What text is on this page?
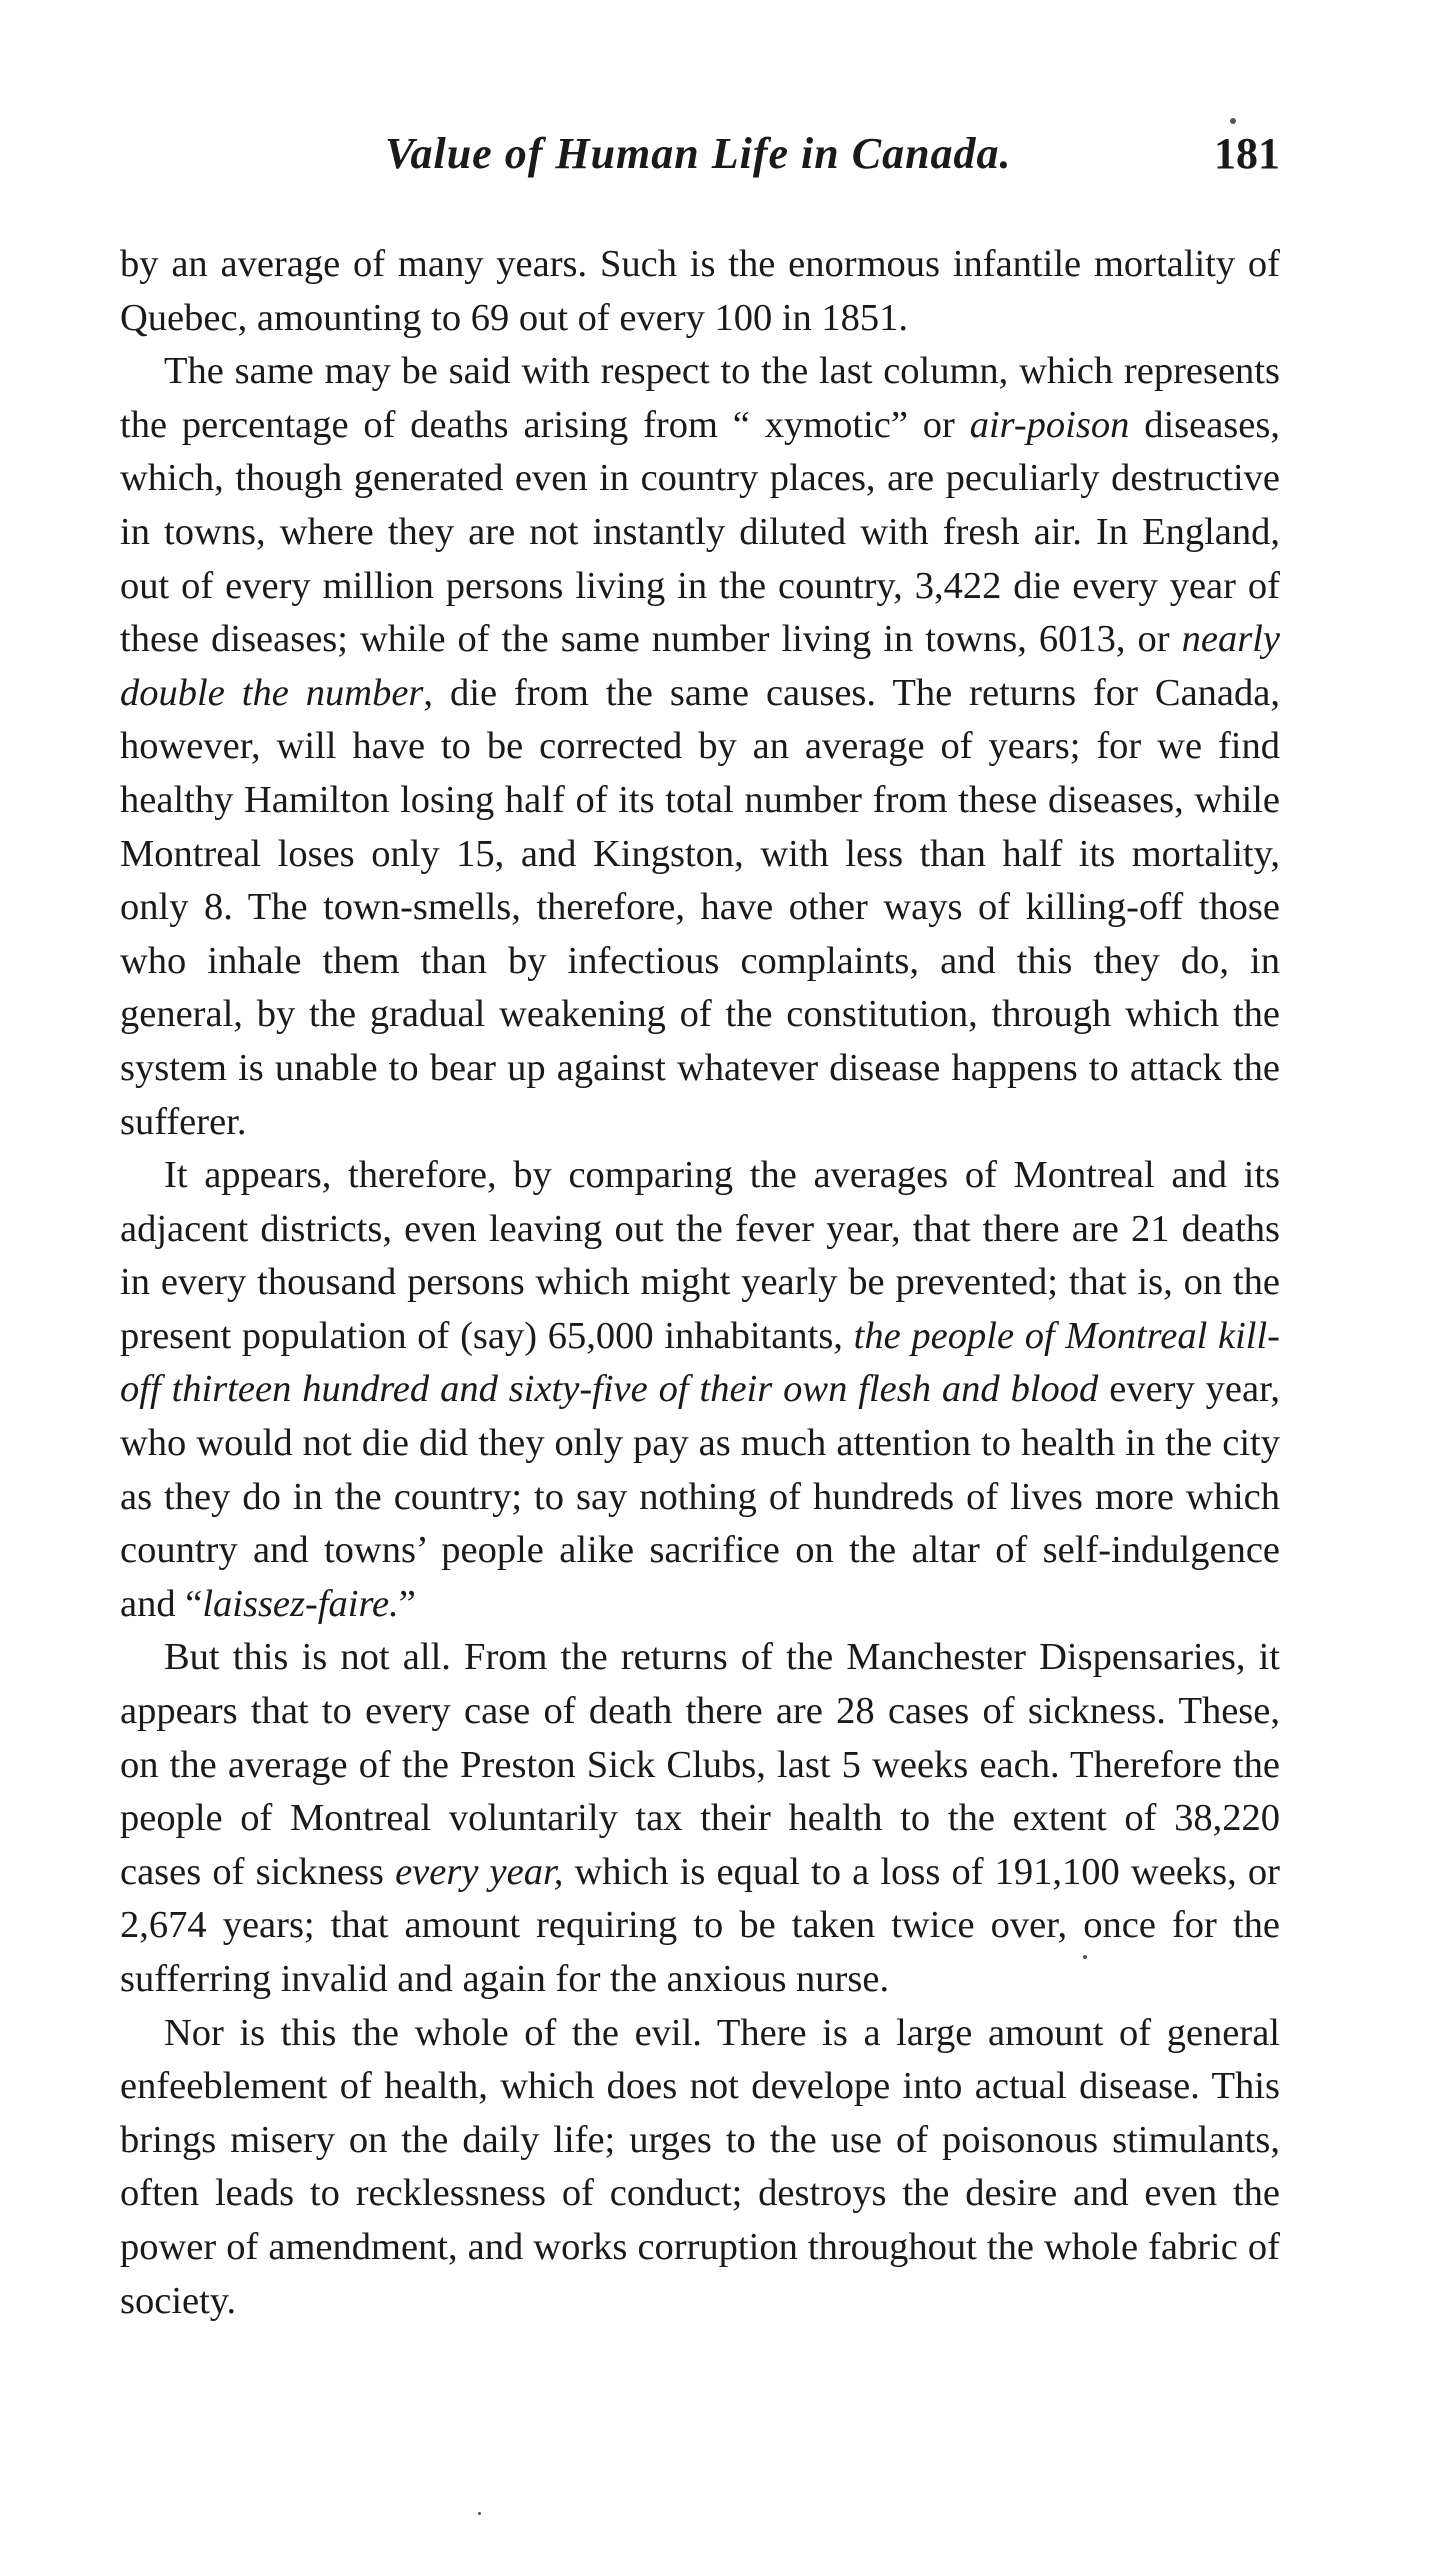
Value of Human Life in Canada.	181

by an average of many years. Such is the enormous infantile mortality of Quebec, amounting to 69 out of every 100 in 1851.

The same may be said with respect to the last column, which represents the percentage of deaths arising from “ xymotic” or air-poison diseases, which, though generated even in country places, are peculiarly destructive in towns, where they are not instantly diluted with fresh air. In England, out of every million persons living in the country, 3,422 die every year of these diseases; while of the same number living in towns, 6013, or nearly double the number, die from the same causes. The returns for Canada, however, will have to be corrected by an average of years; for we find healthy Hamilton losing half of its total number from these diseases, while Montreal loses only 15, and Kingston, with less than half its mortality, only 8. The town-smells, therefore, have other ways of killing-off those who inhale them than by infectious complaints, and this they do, in general, by the gradual weakening of the constitution, through which the system is unable to bear up against whatever disease happens to attack the sufferer.

It appears, therefore, by comparing the averages of Montreal and its adjacent districts, even leaving out the fever year, that there are 21 deaths in every thousand persons which might yearly be prevented; that is, on the present population of (say) 65,000 inhabitants, the people of Montreal kill-off thirteen hundred and sixty-five of their own flesh and blood every year, who would not die did they only pay as much attention to health in the city as they do in the country; to say nothing of hundreds of lives more which country and towns’ people alike sacrifice on the altar of self-indulgence and “laissez-faire.”

But this is not all. From the returns of the Manchester Dispensaries, it appears that to every case of death there are 28 cases of sickness. These, on the average of the Preston Sick Clubs, last 5 weeks each. Therefore the people of Montreal voluntarily tax their health to the extent of 38,220 cases of sickness every year, which is equal to a loss of 191,100 weeks, or 2,674 years; that amount requiring to be taken twice over, once for the sufferring invalid and again for the anxious nurse.

Nor is this the whole of the evil. There is a large amount of general enfeeblement of health, which does not develope into actual disease. This brings misery on the daily life; urges to the use of poisonous stimulants, often leads to recklessness of conduct; destroys the desire and even the power of amendment, and works corruption throughout the whole fabric of society.
